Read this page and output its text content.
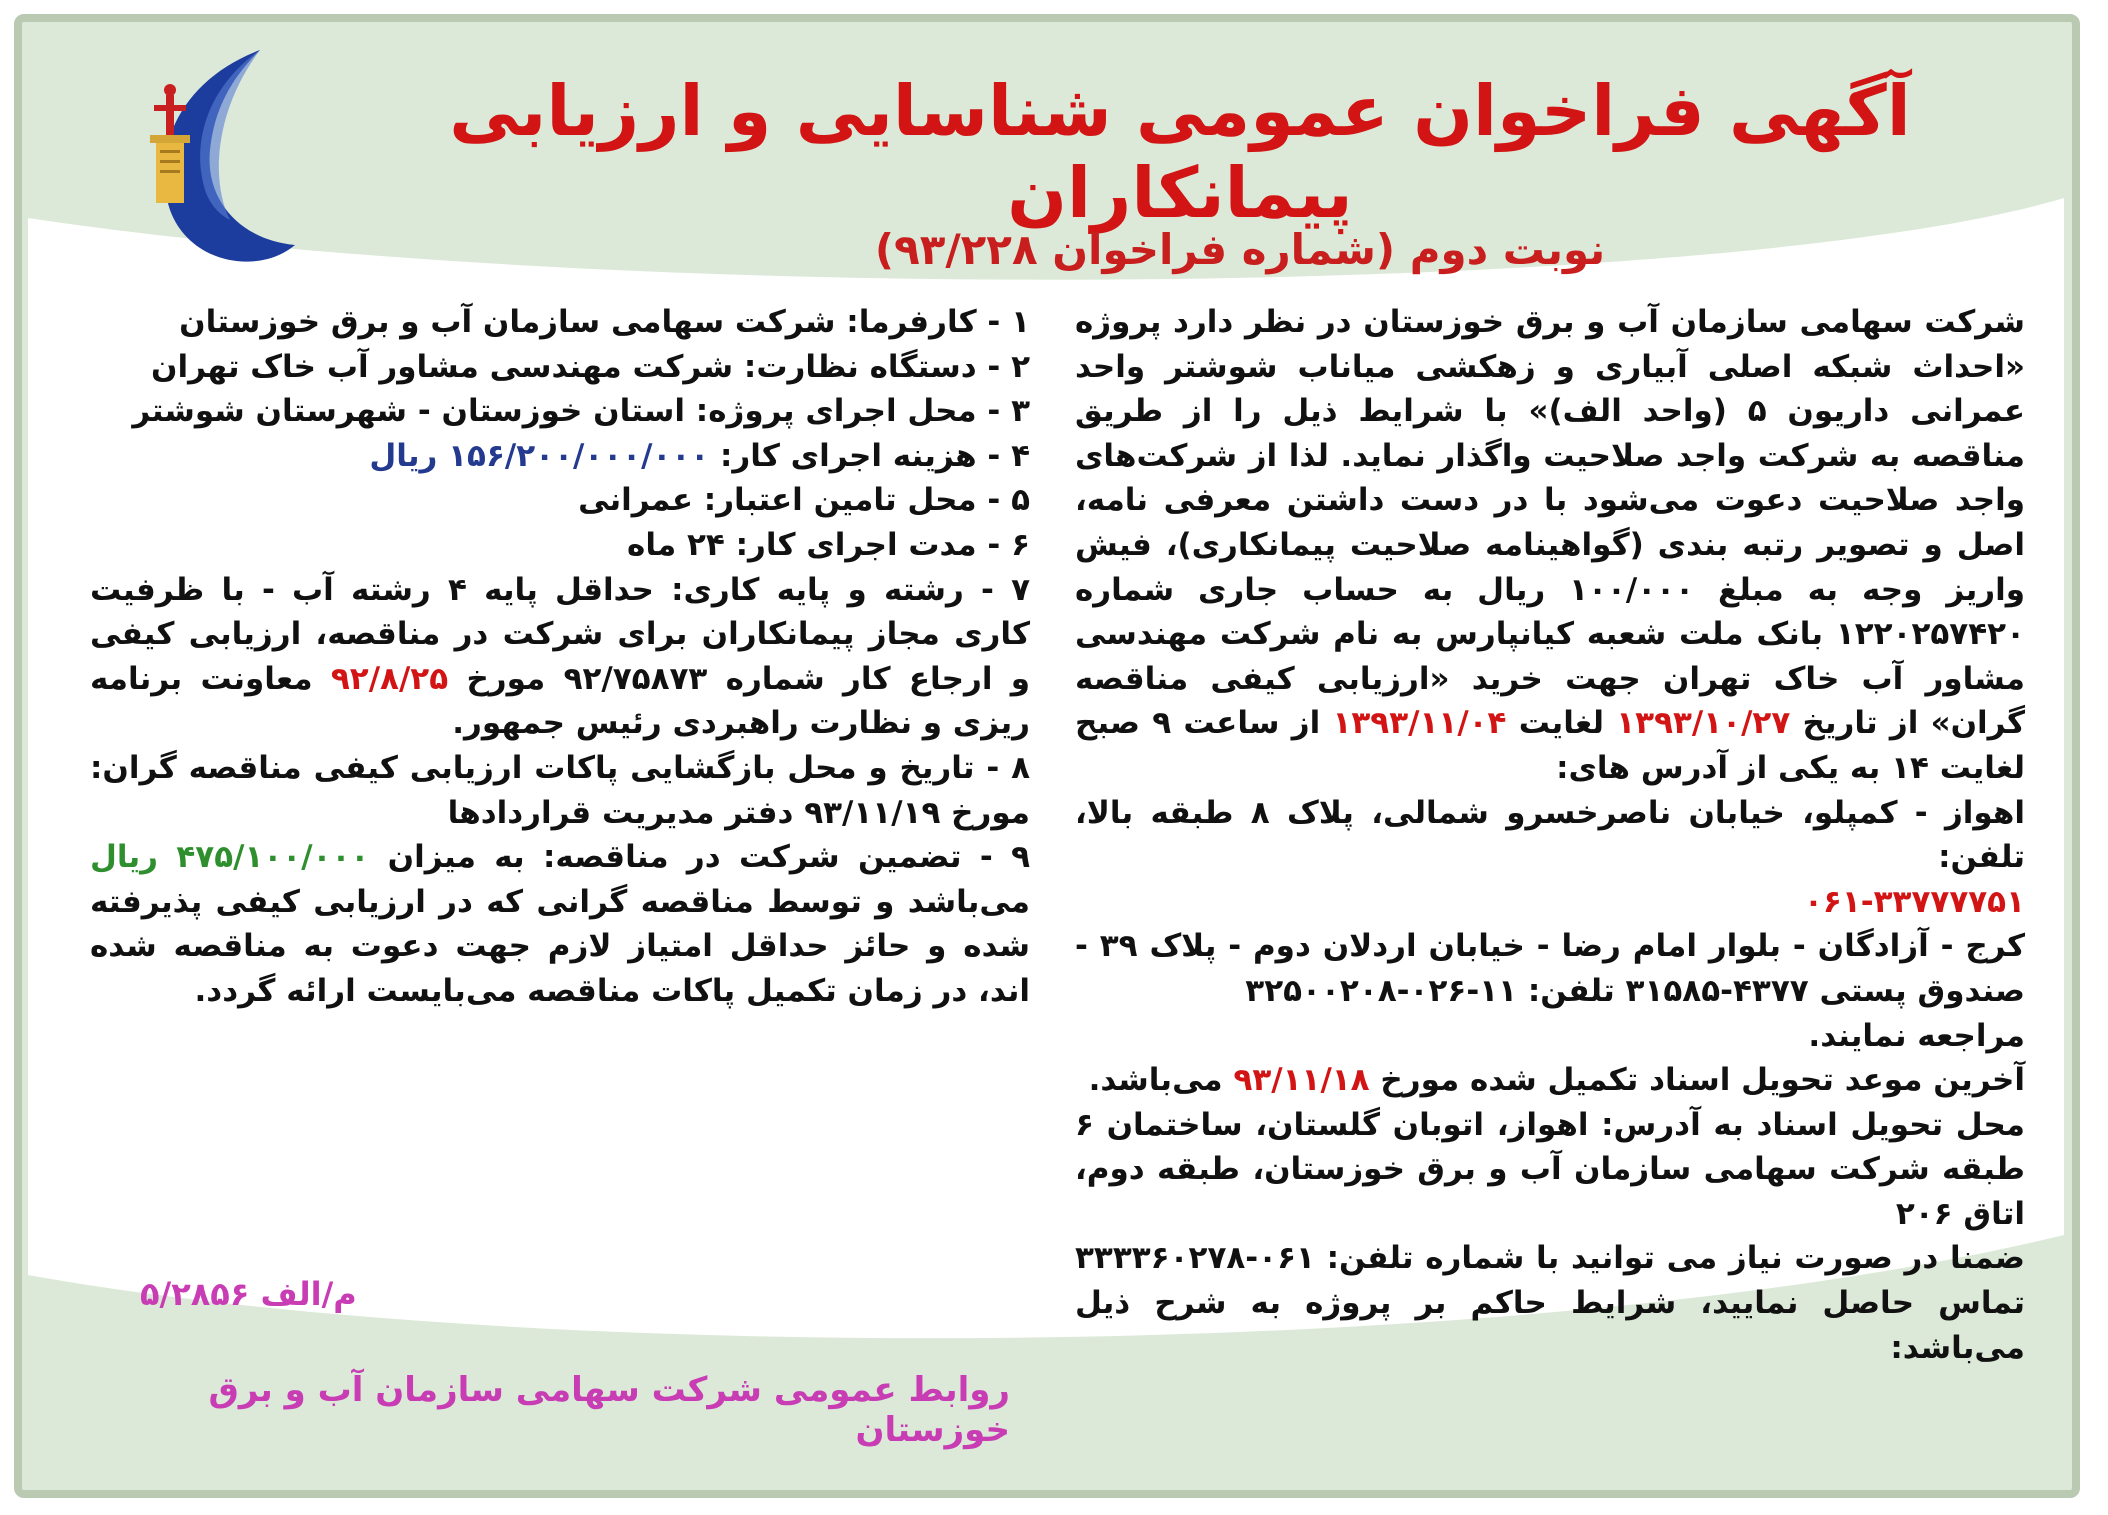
آگهی فراخوان عمومی شناسایی و ارزیابی پیمانکاران
نوبت دوم (شماره فراخوان ۹۳/۲۲۸)

شرکت سهامی سازمان آب و برق خوزستان در نظر دارد پروژه «احداث شبکه اصلی آبیاری و زهکشی میاناب شوشتر واحد عمرانی داریون ۵ (واحد الف)» با شرایط ذیل را از طریق مناقصه به شرکت واجد صلاحیت واگذار نماید. لذا از شرکت‌های واجد صلاحیت دعوت می‌شود با در دست داشتن معرفی نامه، اصل و تصویر رتبه بندی (گواهینامه صلاحیت پیمانکاری)، فیش واریز وجه به مبلغ ۱۰۰/۰۰۰ ریال به حساب جاری شماره ۱۲۲۰۲۵۷۴۲۰ بانک ملت شعبه کیانپارس به نام شرکت مهندسی مشاور آب خاک تهران جهت خرید «ارزیابی کیفی مناقصه گران» از تاریخ ۱۳۹۳/۱۰/۲۷ لغایت ۱۳۹۳/۱۱/۰۴ از ساعت ۹ صبح لغایت ۱۴ به یکی از آدرس های:

اهواز - کمپلو، خیابان ناصرخسرو شمالی، پلاک ۸ طبقه بالا، تلفن:
۰۶۱-۳۳۷۷۷۷۵۱

کرج - آزادگان - بلوار امام رضا - خیابان اردلان دوم - پلاک ۳۹ - صندوق پستی ۴۳۷۷-۳۱۵۸۵ تلفن: ۱۱-۰۲۶-۳۲۵۰۰۲۰۸

مراجعه نمایند.

آخرین موعد تحویل اسناد تکمیل شده مورخ ۹۳/۱۱/۱۸ می‌باشد.

محل تحویل اسناد به آدرس: اهواز، اتوبان گلستان، ساختمان ۶ طبقه شرکت سهامی سازمان آب و برق خوزستان، طبقه دوم، اتاق ۲۰۶

ضمنا در صورت نیاز می توانید با شماره تلفن: ۰۶۱-۳۳۳۳۶۰۲۷۸ تماس حاصل نمایید، شرایط حاکم بر پروژه به شرح ذیل می‌باشد:

۱ - کارفرما: شرکت سهامی سازمان آب و برق خوزستان

۲ - دستگاه نظارت: شرکت مهندسی مشاور آب خاک تهران

۳ - محل اجرای پروژه: استان خوزستان - شهرستان شوشتر

۴ - هزینه اجرای کار: ۱۵۶/۲۰۰/۰۰۰/۰۰۰ ریال

۵ - محل تامین اعتبار: عمرانی

۶ - مدت اجرای کار: ۲۴ ماه

۷ - رشته و پایه کاری: حداقل پایه ۴ رشته آب - با ظرفیت کاری مجاز پیمانکاران برای شرکت در مناقصه، ارزیابی کیفی و ارجاع کار شماره ۹۲/۷۵۸۷۳ مورخ ۹۲/۸/۲۵ معاونت برنامه ریزی و نظارت راهبردی رئیس جمهور.

۸ - تاریخ و محل بازگشایی پاکات ارزیابی کیفی مناقصه گران: مورخ ۹۳/۱۱/۱۹ دفتر مدیریت قراردادها

۹ - تضمین شرکت در مناقصه: به میزان ۴۷۵/۱۰۰/۰۰۰ ریال می‌باشد و توسط مناقصه گرانی که در ارزیابی کیفی پذیرفته شده و حائز حداقل امتیاز لازم جهت دعوت به مناقصه شده اند، در زمان تکمیل پاکات مناقصه می‌بایست ارائه گردد.

م/الف ۵/۲۸۵۶
روابط عمومی شرکت سهامی سازمان آب و برق خوزستان
